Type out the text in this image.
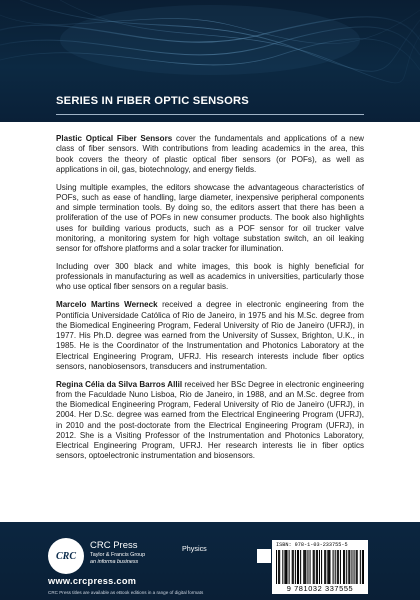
SERIES IN FIBER OPTIC SENSORS

Plastic Optical Fiber Sensors cover the fundamentals and applications of a new class of fiber sensors. With contributions from leading academics in the area, this book covers the theory of plastic optical fiber sensors (or POFs), as well as applications in oil, gas, biotechnology, and energy fields.

Using multiple examples, the editors showcase the advantageous characteristics of POFs, such as ease of handling, large diameter, inexpensive peripheral components and simple termination tools. By doing so, the editors assert that there has been a proliferation of the use of POFs in new consumer products. The book also highlights uses for building various products, such as a POF sensor for oil trucker valve monitoring, a monitoring system for high voltage substation switch, an oil leaking sensor for offshore platforms and a solar tracker for illumination.

Including over 300 black and white images, this book is highly beneficial for professionals in manufacturing as well as academics in universities, particularly those who use optical fiber sensors on a regular basis.

Marcelo Martins Werneck received a degree in electronic engineering from the Pontifícia Universidade Católica of Rio de Janeiro, in 1975 and his M.Sc. degree from the Biomedical Engineering Program, Federal University of Rio de Janeiro (UFRJ), in 1977. His Ph.D. degree was earned from the University of Sussex, Brighton, U.K., in 1985. He is the Coordinator of the Instrumentation and Photonics Laboratory at the Electrical Engineering Program, UFRJ. His research interests include fiber optics sensors, nanobiosensors, transducers and instrumentation.

Regina Célia da Silva Barros Allil received her BSc Degree in electronic engineering from the Faculdade Nuno Lisboa, Rio de Janeiro, in 1988, and an M.Sc. degree from the Biomedical Engineering Program, Federal University of Rio de Janeiro (UFRJ), in 2004. Her D.Sc. degree was earned from the Electrical Engineering Program (UFRJ), in 2010 and the post-doctorate from the Electrical Engineering Program (UFRJ), in 2012. She is a Visiting Professor of the Instrumentation and Photonics Laboratory, Electrical Engineering Program, UFRJ. Her research interests lie in fiber optics sensors, optoelectronic instrumentation and biosensors.

CRC
CRC Press
Taylor & Francis Group
an informa business
www.crcpress.com
CRC Press titles are available as eBook editions in a range of digital formats
Physics	ISBN: 978-1-03-233755-5
9 781032 337555
